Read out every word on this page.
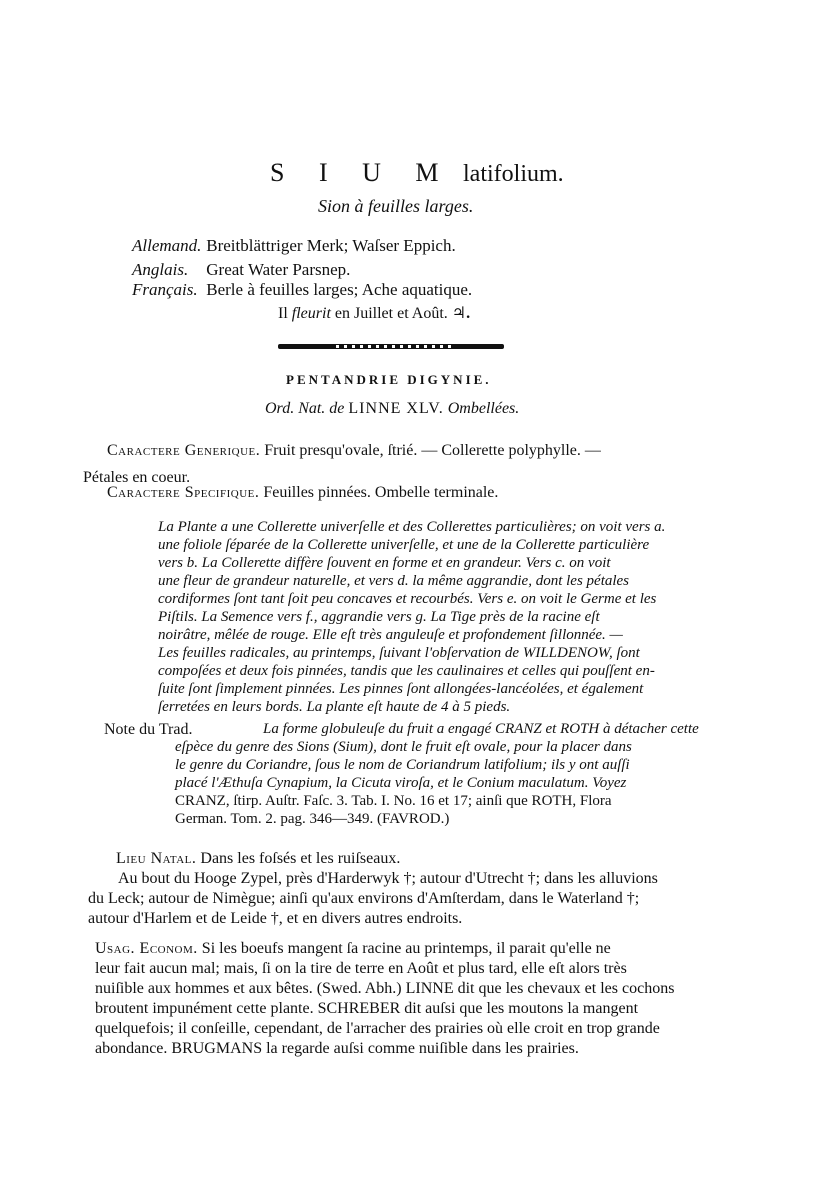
S I U M latifolium.
Sion à feuilles larges.
Allemand. Breitblättriger Merk; Waſser Eppich.
Anglais. Great Water Parsnep.
Français. Berle à feuilles larges; Ache aquatique.
Il fleurit en Juillet et Août. ♃.
PENTANDRIE DIGYNIE.
Ord. Nat. de LINNE XLV. Ombellées.
Caractere Generique. Fruit presqu'ovale, ſtrié. — Collerette polyphylle. —
Pétales en coeur.
Caractere Specifique. Feuilles pinnées. Ombelle terminale.
La Plante a une Collerette univerſelle et des Collerettes particulières; on voit vers a.
une foliole ſéparée de la Collerette univerſelle, et une de la Collerette particulière
vers b. La Collerette diffère ſouvent en forme et en grandeur. Vers c. on voit
une fleur de grandeur naturelle, et vers d. la même aggrandie, dont les pétales
cordiformes ſont tant ſoit peu concaves et recourbés. Vers e. on voit le Germe et les
Piſtils. La Semence vers f., aggrandie vers g. La Tige près de la racine eſt
noirâtre, mêlée de rouge. Elle eſt très anguleuſe et profondement ſillonnée. —
Les feuilles radicales, au printemps, ſuivant l'obſervation de WILLDENOW, ſont
compoſées et deux fois pinnées, tandis que les caulinaires et celles qui pouſſent en-
ſuite ſont ſimplement pinnées. Les pinnes ſont allongées-lancéolées, et également
ſerretées en leurs bords. La plante eſt haute de 4 à 5 pieds.
Note du Trad.	La forme globuleuſe du fruit a engagé CRANZ et ROTH à détacher cette
eſpèce du genre des Sions (Sium), dont le fruit eſt ovale, pour la placer dans
le genre du Coriandre, ſous le nom de Coriandrum latifolium; ils y ont auſſi
placé l'Æthuſa Cynapium, la Cicuta viroſa, et le Conium maculatum. Voyez
CRANZ, ſtirp. Auſtr. Faſc. 3. Tab. I. No. 16 et 17; ainſi que ROTH, Flora
German. Tom. 2. pag. 346—349. (FAVROD.)
Lieu Natal. Dans les foſsés et les ruiſseaux.
Au bout du Hooge Zypel, près d'Harderwyk †; autour d'Utrecht †; dans les alluvions
du Leck; autour de Nimègue; ainſi qu'aux environs d'Amſterdam, dans le Waterland †;
autour d'Harlem et de Leide †, et en divers autres endroits.
Usag. Econom. Si les boeufs mangent ſa racine au printemps, il parait qu'elle ne
leur fait aucun mal; mais, ſi on la tire de terre en Août et plus tard, elle eſt alors très
nuiſible aux hommes et aux bêtes. (Swed. Abh.) LINNE dit que les chevaux et les cochons
broutent impunément cette plante. SCHREBER dit auſsi que les moutons la mangent
quelquefois; il conſeille, cependant, de l'arracher des prairies où elle croit en trop grande
abondance. BRUGMANS la regarde auſsi comme nuiſible dans les prairies.
